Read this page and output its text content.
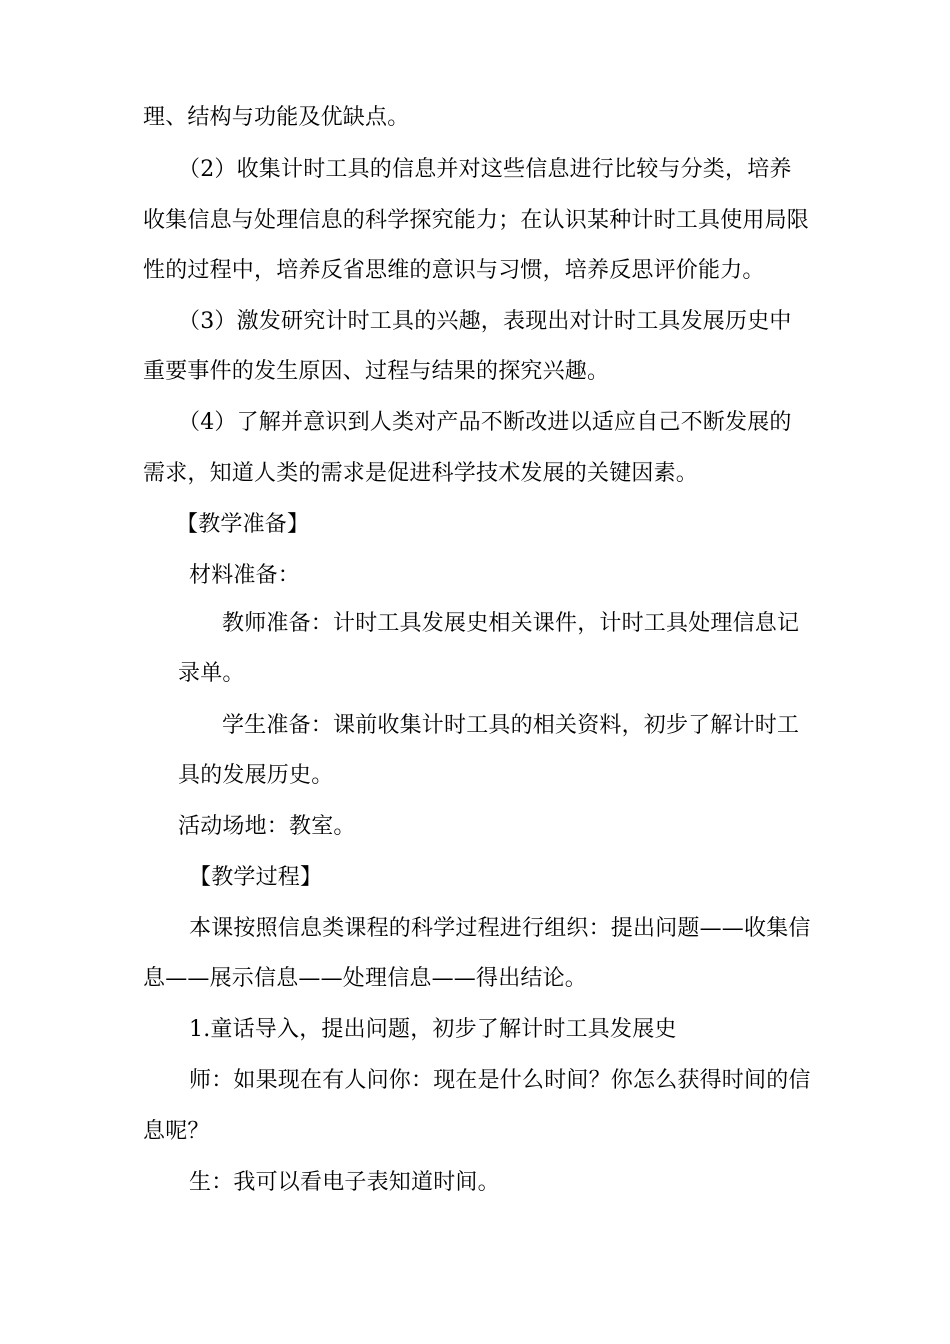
理、结构与功能及优缺点。
（2）收集计时工具的信息并对这些信息进行比较与分类，培养
收集信息与处理信息的科学探究能力；在认识某种计时工具使用局限
性的过程中，培养反省思维的意识与习惯，培养反思评价能力。
（3）激发研究计时工具的兴趣，表现出对计时工具发展历史中
重要事件的发生原因、过程与结果的探究兴趣。
（4）了解并意识到人类对产品不断改进以适应自己不断发展的
需求，知道人类的需求是促进科学技术发展的关键因素。
【教学准备】
材料准备：
教师准备：计时工具发展史相关课件，计时工具处理信息记
录单。
学生准备：课前收集计时工具的相关资料，初步了解计时工
具的发展历史。
活动场地：教室。
【教学过程】
本课按照信息类课程的科学过程进行组织：提出问题——收集信
息——展示信息——处理信息——得出结论。
1.童话导入，提出问题，初步了解计时工具发展史
师：如果现在有人问你：现在是什么时间？你怎么获得时间的信
息呢？
生：我可以看电子表知道时间。
